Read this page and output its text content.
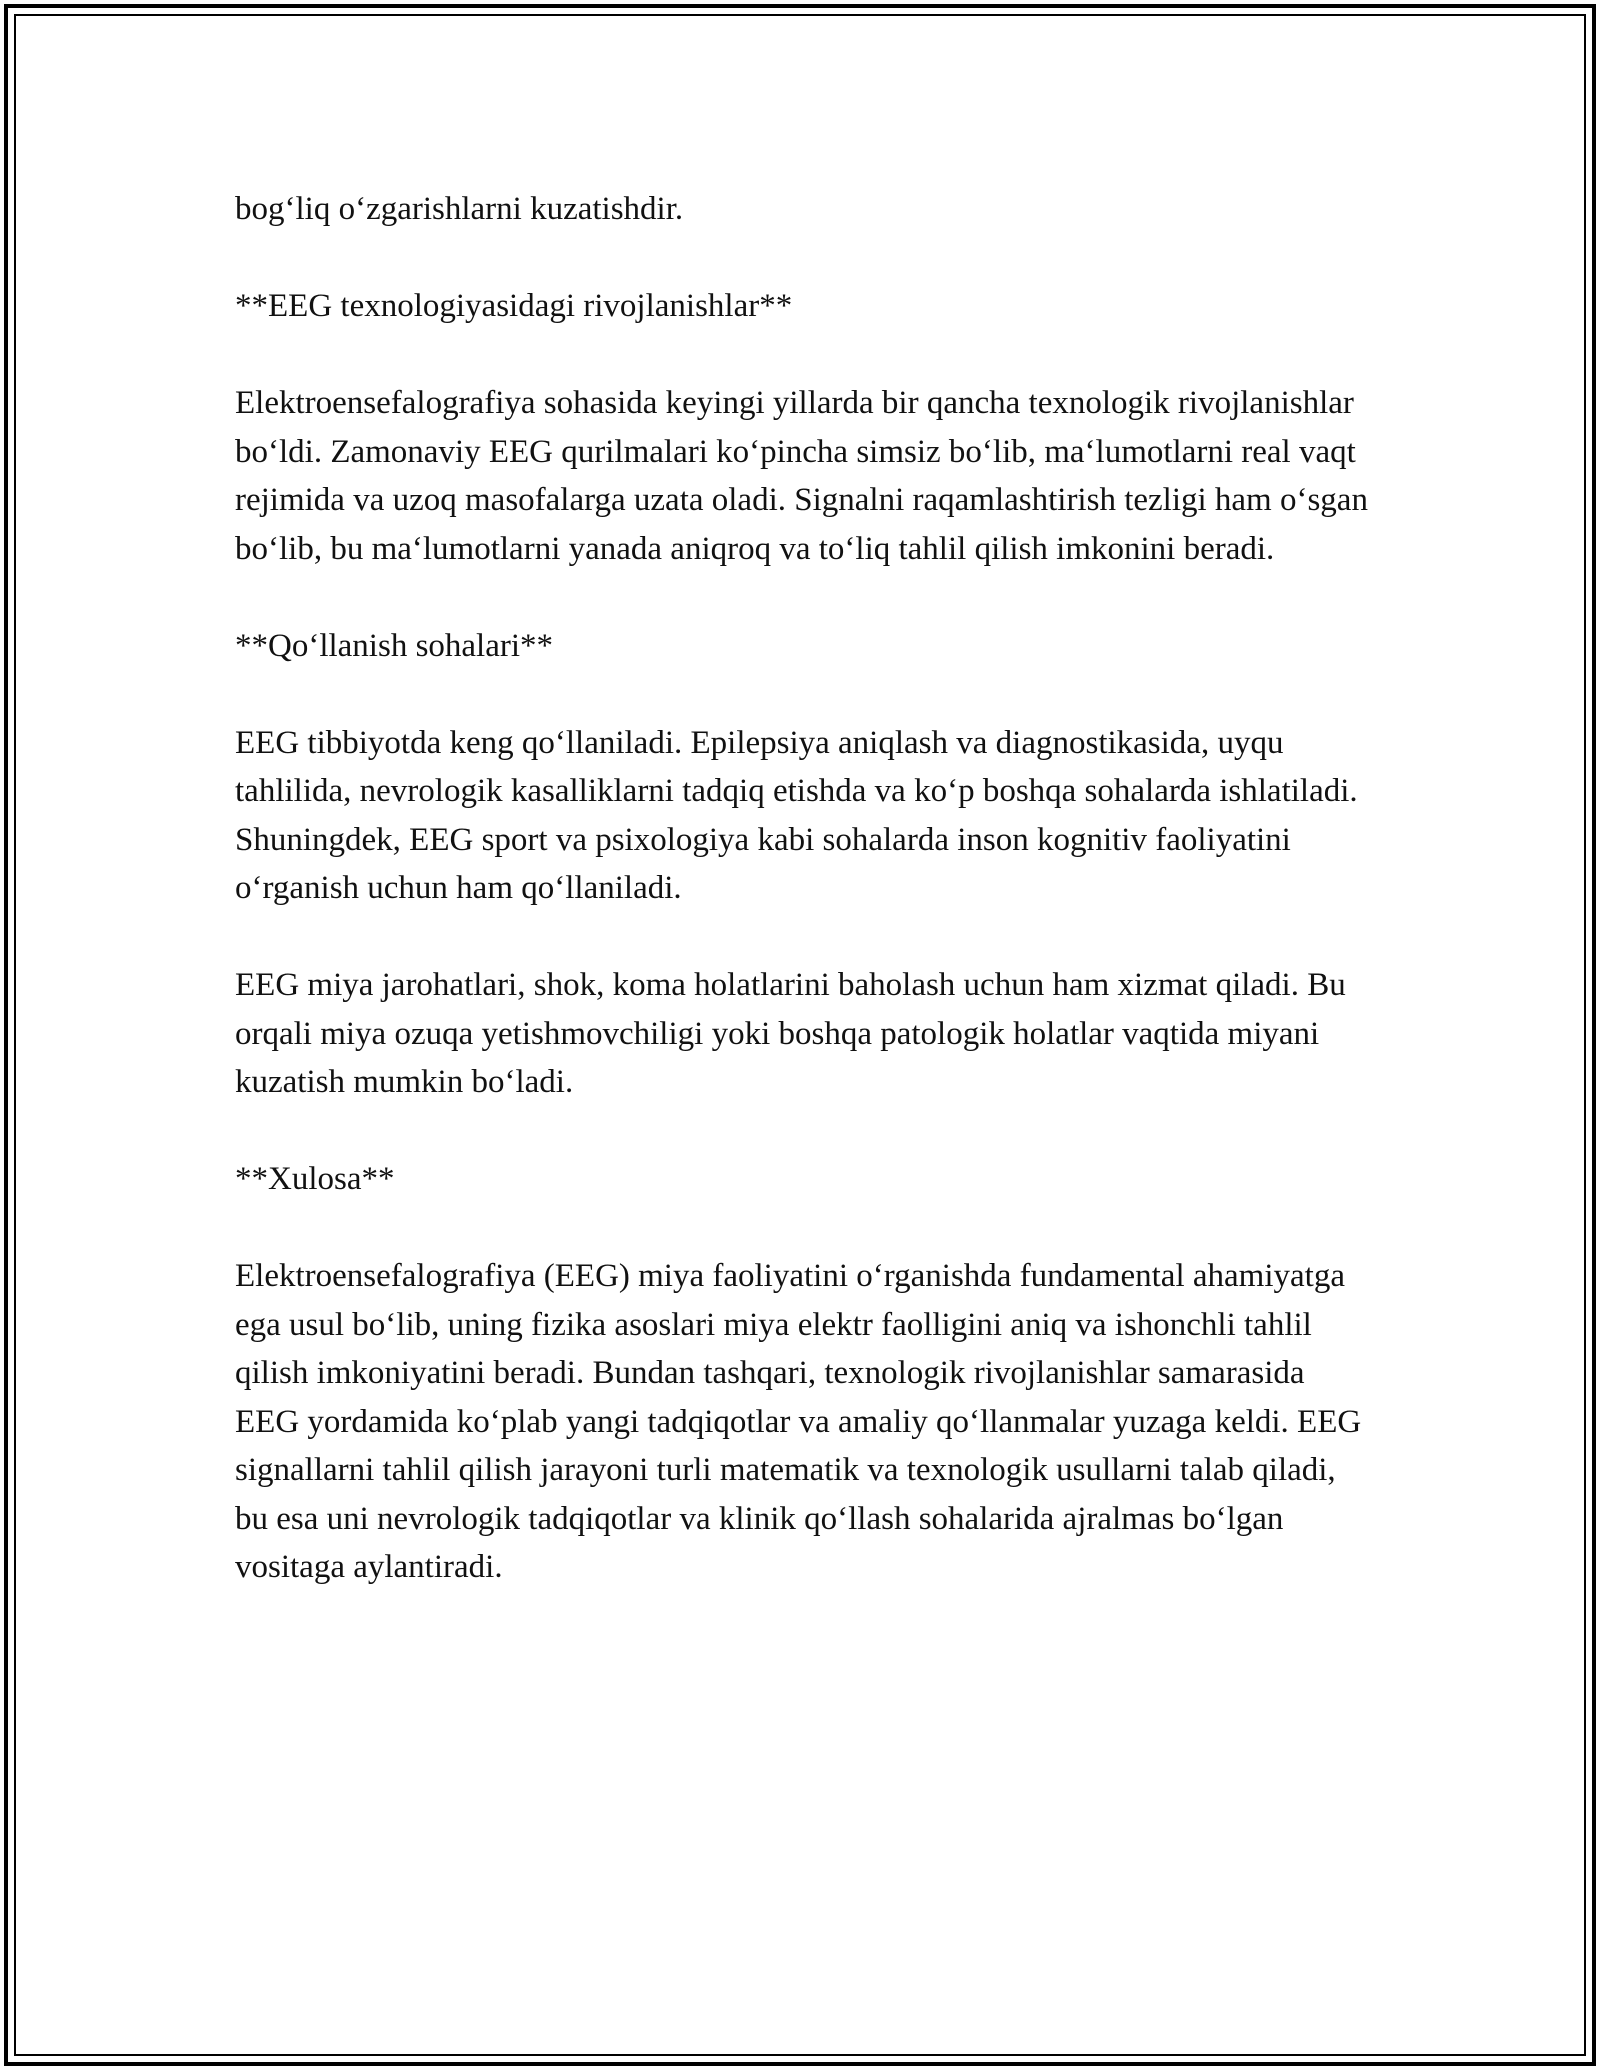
bog‘liq o‘zgarishlarni kuzatishdir.

**EEG texnologiyasidagi rivojlanishlar**

Elektroensefalografiya sohasida keyingi yillarda bir qancha texnologik rivojlanishlar bo‘ldi. Zamonaviy EEG qurilmalari ko‘pincha simsiz bo‘lib, ma‘lumotlarni real vaqt rejimida va uzoq masofalarga uzata oladi. Signalni raqamlashtirish tezligi ham o‘sgan bo‘lib, bu ma‘lumotlarni yanada aniqroq va to‘liq tahlil qilish imkonini beradi.

**Qo‘llanish sohalari**

EEG tibbiyotda keng qo‘llaniladi. Epilepsiya aniqlash va diagnostikasida, uyqu tahlilida, nevrologik kasalliklarni tadqiq etishda va ko‘p boshqa sohalarda ishlatiladi. Shuningdek, EEG sport va psixologiya kabi sohalarda inson kognitiv faoliyatini o‘rganish uchun ham qo‘llaniladi.

EEG miya jarohatlari, shok, koma holatlarini baholash uchun ham xizmat qiladi. Bu orqali miya ozuqa yetishmovchiligi yoki boshqa patologik holatlar vaqtida miyani kuzatish mumkin bo‘ladi.

**Xulosa**

Elektroensefalografiya (EEG) miya faoliyatini o‘rganishda fundamental ahamiyatga ega usul bo‘lib, uning fizika asoslari miya elektr faolligini aniq va ishonchli tahlil qilish imkoniyatini beradi. Bundan tashqari, texnologik rivojlanishlar samarasida EEG yordamida ko‘plab yangi tadqiqotlar va amaliy qo‘llanmalar yuzaga keldi. EEG signallarni tahlil qilish jarayoni turli matematik va texnologik usullarni talab qiladi, bu esa uni nevrologik tadqiqotlar va klinik qo‘llash sohalarida ajralmas bo‘lgan vositaga aylantiradi.
